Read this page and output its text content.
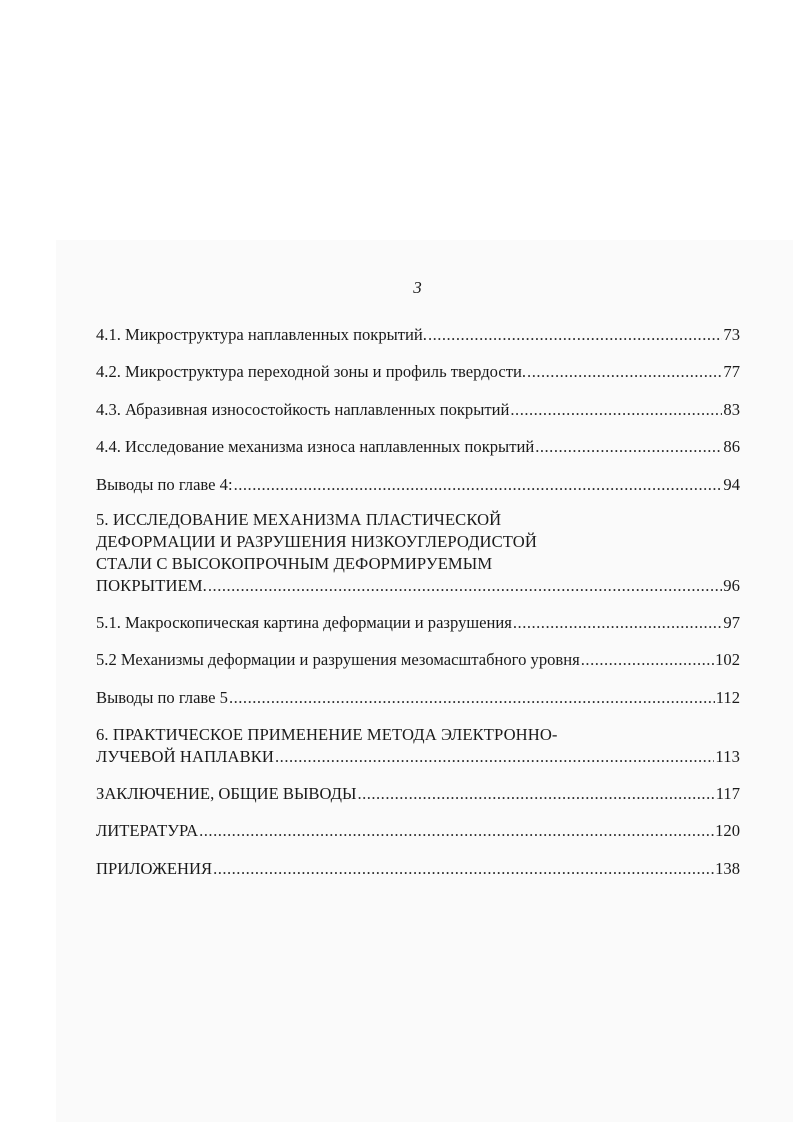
3
4.1. Микроструктура наплавленных покрытий. .....	73
4.2. Микроструктура переходной зоны и профиль твердости. .....	77
4.3. Абразивная износостойкость наплавленных покрытий .....	83
4.4. Исследование механизма износа наплавленных покрытий .....	86
Выводы по главе 4: .....	94
5. ИССЛЕДОВАНИЕ МЕХАНИЗМА ПЛАСТИЧЕСКОЙ
ДЕФОРМАЦИИ И РАЗРУШЕНИЯ НИЗКОУГЛЕРОДИСТОЙ
СТАЛИ С ВЫСОКОПРОЧНЫМ ДЕФОРМИРУЕМЫМ
ПОКРЫТИЕМ. .....	96
5.1. Макроскопическая картина деформации и разрушения .....	97
5.2 Механизмы деформации и разрушения мезомасштабного уровня .....	102
Выводы по главе 5 .....	112
6. ПРАКТИЧЕСКОЕ ПРИМЕНЕНИЕ МЕТОДА ЭЛЕКТРОННО-
ЛУЧЕВОЙ НАПЛАВКИ .....	113
ЗАКЛЮЧЕНИЕ, ОБЩИЕ ВЫВОДЫ .....	117
ЛИТЕРАТУРА .....	120
ПРИЛОЖЕНИЯ .....	138
